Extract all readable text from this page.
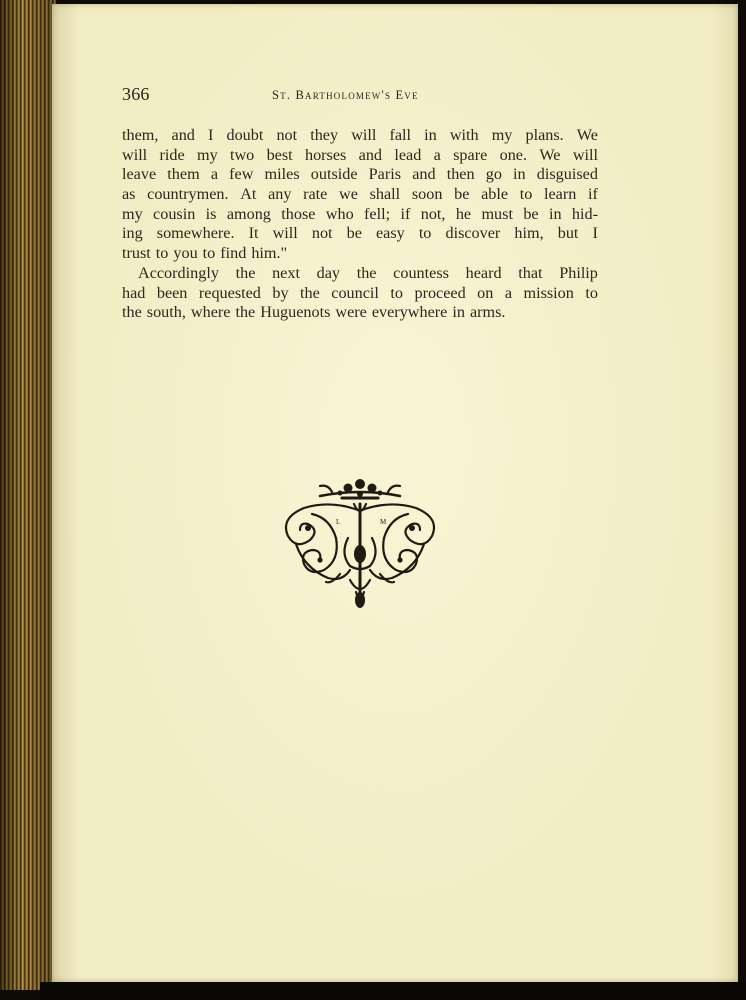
366	St. Bartholomew's Eve
them, and I doubt not they will fall in with my plans. We
will ride my two best horses and lead a spare one. We will
leave them a few miles outside Paris and then go in disguised
as countrymen. At any rate we shall soon be able to learn if
my cousin is among those who fell; if not, he must be in hid-
ing somewhere. It will not be easy to discover him, but I
trust to you to find him."
Accordingly the next day the countess heard that Philip
had been requested by the council to proceed on a mission to
the south, where the Huguenots were everywhere in arms.
L	M
